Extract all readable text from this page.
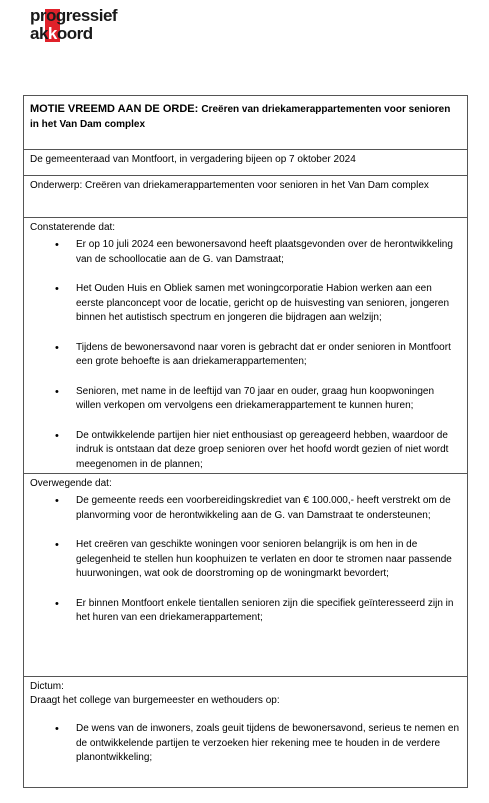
progressief
akkoord
MOTIE VREEMD AAN DE ORDE: Creëren van driekamerappartementen voor senioren in het Van Dam complex
De gemeenteraad van Montfoort, in vergadering bijeen op 7 oktober 2024
Onderwerp: Creëren van driekamerappartementen voor senioren in het Van Dam complex
Constaterende dat:
• Er op 10 juli 2024 een bewonersavond heeft plaatsgevonden over de herontwikkeling van de schoollocatie aan de G. van Damstraat;
• Het Ouden Huis en Obliek samen met woningcorporatie Habion werken aan een eerste planconcept voor de locatie, gericht op de huisvesting van senioren, jongeren binnen het autistisch spectrum en jongeren die bijdragen aan welzijn;
• Tijdens de bewonersavond naar voren is gebracht dat er onder senioren in Montfoort een grote behoefte is aan driekamerappartementen;
• Senioren, met name in de leeftijd van 70 jaar en ouder, graag hun koopwoningen willen verkopen om vervolgens een driekamerappartement te kunnen huren;
• De ontwikkelende partijen hier niet enthousiast op gereageerd hebben, waardoor de indruk is ontstaan dat deze groep senioren over het hoofd wordt gezien of niet wordt meegenomen in de plannen;
Overwegende dat:
• De gemeente reeds een voorbereidingskrediet van € 100.000,- heeft verstrekt om de planvorming voor de herontwikkeling aan de G. van Damstraat te ondersteunen;
• Het creëren van geschikte woningen voor senioren belangrijk is om hen in de gelegenheid te stellen hun koophuizen te verlaten en door te stromen naar passende huurwoningen, wat ook de doorstroming op de woningmarkt bevordert;
• Er binnen Montfoort enkele tientallen senioren zijn die specifiek geïnteresseerd zijn in het huren van een driekamerappartement;
Dictum:
Draagt het college van burgemeester en wethouders op:
• De wens van de inwoners, zoals geuit tijdens de bewonersavond, serieus te nemen en de ontwikkelende partijen te verzoeken hier rekening mee te houden in de verdere planontwikkeling;
